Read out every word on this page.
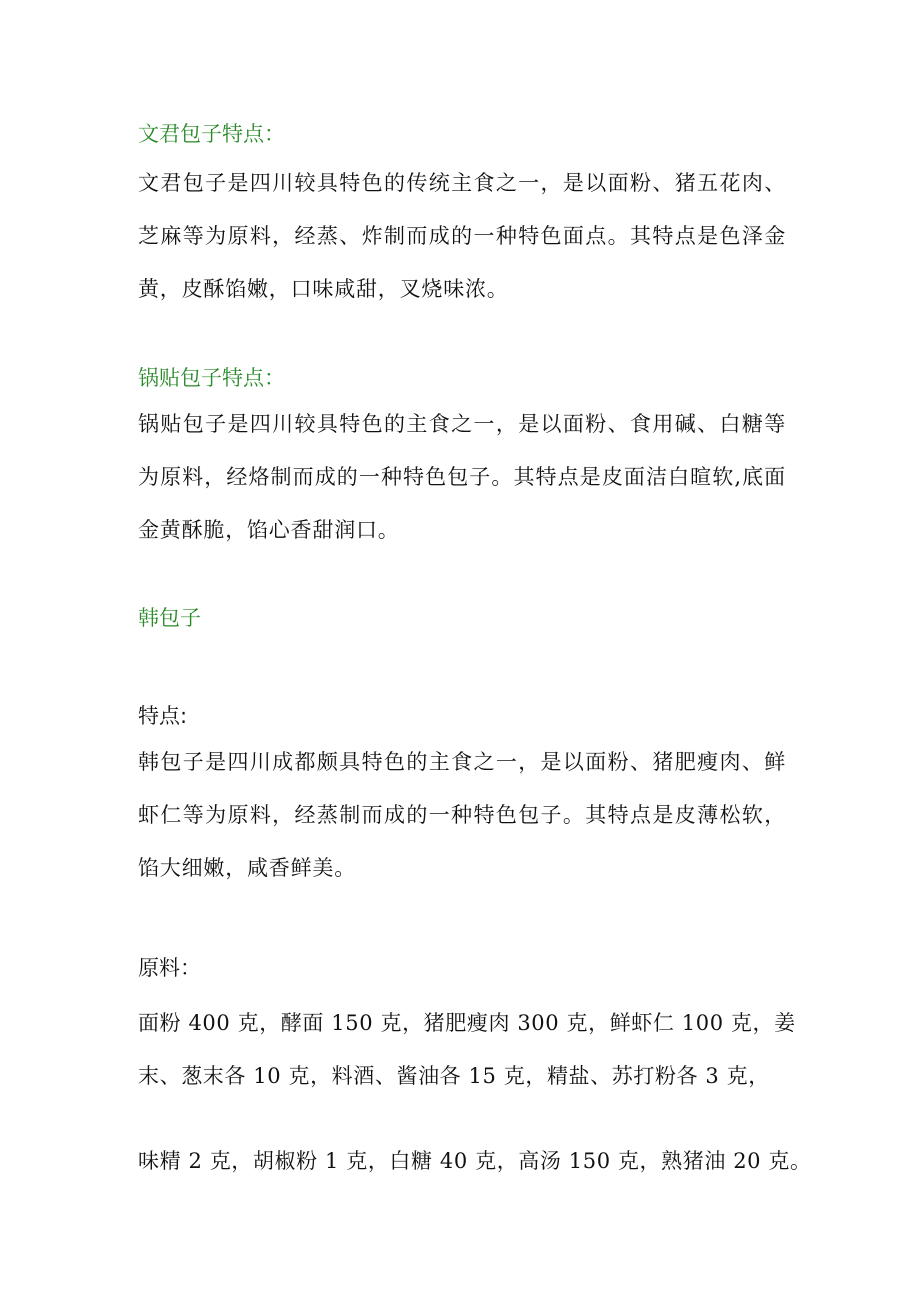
文君包子特点：
文君包子是四川较具特色的传统主食之一，是以面粉、猪五花肉、芝麻等为原料，经蒸、炸制而成的一种特色面点。其特点是色泽金黄，皮酥馅嫩，口味咸甜，叉烧味浓。
锅贴包子特点：
锅贴包子是四川较具特色的主食之一，是以面粉、食用碱、白糖等为原料，经烙制而成的一种特色包子。其特点是皮面洁白暄软,底面金黄酥脆，馅心香甜润口。
韩包子
特点:
韩包子是四川成都颇具特色的主食之一，是以面粉、猪肥瘦肉、鲜虾仁等为原料，经蒸制而成的一种特色包子。其特点是皮薄松软，馅大细嫩，咸香鲜美。
原料：
面粉 400 克，酵面 150 克，猪肥瘦肉 300 克，鲜虾仁 100 克，姜
末、葱末各 10 克，料酒、酱油各 15 克，精盐、苏打粉各 3 克，
味精 2 克，胡椒粉 1 克，白糖 40 克，高汤 150 克，熟猪油 20 克。
